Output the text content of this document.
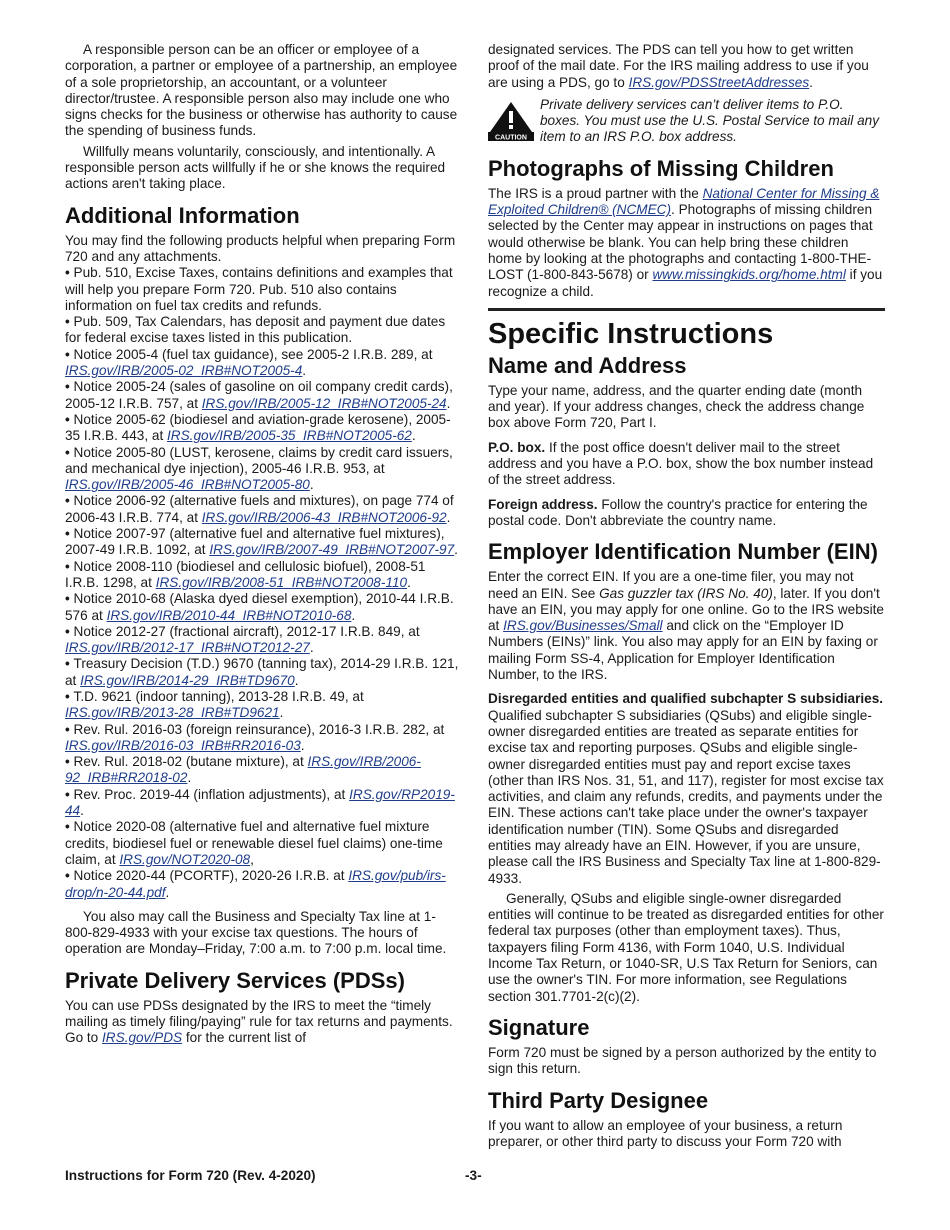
A responsible person can be an officer or employee of a corporation, a partner or employee of a partnership, an employee of a sole proprietorship, an accountant, or a volunteer director/trustee. A responsible person also may include one who signs checks for the business or otherwise has authority to cause the spending of business funds.

Willfully means voluntarily, consciously, and intentionally. A responsible person acts willfully if he or she knows the required actions aren't taking place.

Additional Information

You may find the following products helpful when preparing Form 720 and any attachments.

• Pub. 510, Excise Taxes, contains definitions and examples that will help you prepare Form 720. Pub. 510 also contains information on fuel tax credits and refunds.

• Pub. 509, Tax Calendars, has deposit and payment due dates for federal excise taxes listed in this publication.

• Notice 2005-4 (fuel tax guidance), see 2005-2 I.R.B. 289, at IRS.gov/IRB/2005-02_IRB#NOT2005-4.

• Notice 2005-24 (sales of gasoline on oil company credit cards), 2005-12 I.R.B. 757, at IRS.gov/IRB/2005-12_IRB#NOT2005-24.

• Notice 2005-62 (biodiesel and aviation-grade kerosene), 2005-35 I.R.B. 443, at IRS.gov/IRB/2005-35_IRB#NOT2005-62.

• Notice 2005-80 (LUST, kerosene, claims by credit card issuers, and mechanical dye injection), 2005-46 I.R.B. 953, at IRS.gov/IRB/2005-46_IRB#NOT2005-80.

• Notice 2006-92 (alternative fuels and mixtures), on page 774 of 2006-43 I.R.B. 774, at IRS.gov/IRB/2006-43_IRB#NOT2006-92.

• Notice 2007-97 (alternative fuel and alternative fuel mixtures), 2007-49 I.R.B. 1092, at IRS.gov/IRB/2007-49_IRB#NOT2007-97.

• Notice 2008-110 (biodiesel and cellulosic biofuel), 2008-51 I.R.B. 1298, at IRS.gov/IRB/2008-51_IRB#NOT2008-110.

• Notice 2010-68 (Alaska dyed diesel exemption), 2010-44 I.R.B. 576 at IRS.gov/IRB/2010-44_IRB#NOT2010-68.

• Notice 2012-27 (fractional aircraft), 2012-17 I.R.B. 849, at IRS.gov/IRB/2012-17_IRB#NOT2012-27.

• Treasury Decision (T.D.) 9670 (tanning tax), 2014-29 I.R.B. 121, at IRS.gov/IRB/2014-29_IRB#TD9670.

• T.D. 9621 (indoor tanning), 2013-28 I.R.B. 49, at IRS.gov/IRB/2013-28_IRB#TD9621.

• Rev. Rul. 2016-03 (foreign reinsurance), 2016-3 I.R.B. 282, at IRS.gov/IRB/2016-03_IRB#RR2016-03.

• Rev. Rul. 2018-02 (butane mixture), at IRS.gov/IRB/2006-92_IRB#RR2018-02.

• Rev. Proc. 2019-44 (inflation adjustments), at IRS.gov/RP2019-44.

• Notice 2020-08 (alternative fuel and alternative fuel mixture credits, biodiesel fuel or renewable diesel fuel claims) one-time claim, at IRS.gov/NOT2020-08,

• Notice 2020-44 (PCORTF), 2020-26 I.R.B. at IRS.gov/pub/irs-drop/n-20-44.pdf.

You also may call the Business and Specialty Tax line at 1-800-829-4933 with your excise tax questions. The hours of operation are Monday–Friday, 7:00 a.m. to 7:00 p.m. local time.

Private Delivery Services (PDSs)

You can use PDSs designated by the IRS to meet the “timely mailing as timely filing/paying” rule for tax returns and payments. Go to IRS.gov/PDS for the current list of

designated services. The PDS can tell you how to get written proof of the mail date. For the IRS mailing address to use if you are using a PDS, go to IRS.gov/PDSStreetAddresses.

CAUTION

Private delivery services can’t deliver items to P.O. boxes. You must use the U.S. Postal Service to mail any item to an IRS P.O. box address.

Photographs of Missing Children

The IRS is a proud partner with the National Center for Missing & Exploited Children® (NCMEC). Photographs of missing children selected by the Center may appear in instructions on pages that would otherwise be blank. You can help bring these children home by looking at the photographs and contacting 1-800-THE-LOST (1-800-843-5678) or www.missingkids.org/home.html if you recognize a child.

Specific Instructions
Name and Address

Type your name, address, and the quarter ending date (month and year). If your address changes, check the address change box above Form 720, Part I.

P.O. box. If the post office doesn't deliver mail to the street address and you have a P.O. box, show the box number instead of the street address.

Foreign address. Follow the country's practice for entering the postal code. Don't abbreviate the country name.

Employer Identification Number (EIN)

Enter the correct EIN. If you are a one-time filer, you may not need an EIN. See Gas guzzler tax (IRS No. 40), later. If you don't have an EIN, you may apply for one online. Go to the IRS website at IRS.gov/Businesses/Small and click on the “Employer ID Numbers (EINs)” link. You also may apply for an EIN by faxing or mailing Form SS-4, Application for Employer Identification Number, to the IRS.

Disregarded entities and qualified subchapter S subsidiaries. Qualified subchapter S subsidiaries (QSubs) and eligible single-owner disregarded entities are treated as separate entities for excise tax and reporting purposes. QSubs and eligible single-owner disregarded entities must pay and report excise taxes (other than IRS Nos. 31, 51, and 117), register for most excise tax activities, and claim any refunds, credits, and payments under the EIN. These actions can't take place under the owner's taxpayer identification number (TIN). Some QSubs and disregarded entities may already have an EIN. However, if you are unsure, please call the IRS Business and Specialty Tax line at 1-800-829-4933.

Generally, QSubs and eligible single-owner disregarded entities will continue to be treated as disregarded entities for other federal tax purposes (other than employment taxes). Thus, taxpayers filing Form 4136, with Form 1040, U.S. Individual Income Tax Return, or 1040-SR, U.S Tax Return for Seniors, can use the owner's TIN. For more information, see Regulations section 301.7701-2(c)(2).

Signature

Form 720 must be signed by a person authorized by the entity to sign this return.

Third Party Designee

If you want to allow an employee of your business, a return preparer, or other third party to discuss your Form 720 with

Instructions for Form 720 (Rev. 4-2020)	-3-
